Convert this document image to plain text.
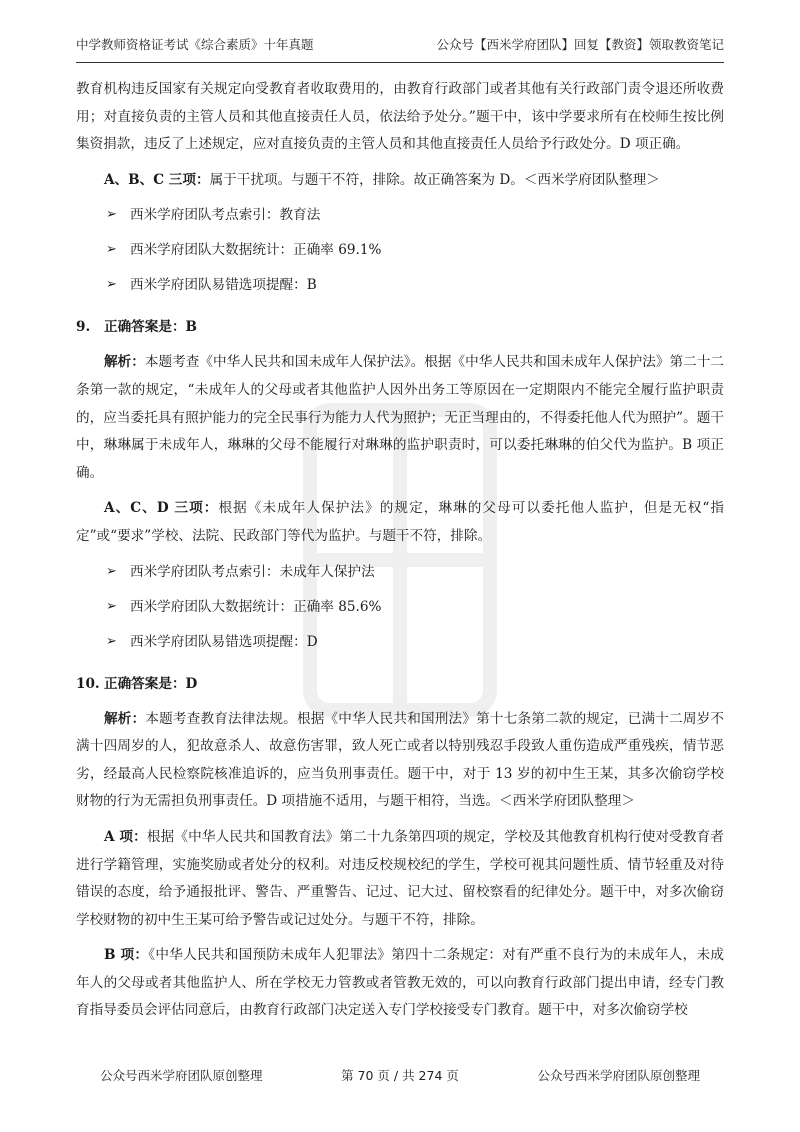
中学教师资格证考试《综合素质》十年真题	公众号【西米学府团队】回复【教资】领取教资笔记

教育机构违反国家有关规定向受教育者收取费用的，由教育行政部门或者其他有关行政部门责令退还所收费用；对直接负责的主管人员和其他直接责任人员，依法给予处分。”题干中，该中学要求所有在校师生按比例集资捐款，违反了上述规定，应对直接负责的主管人员和其他直接责任人员给予行政处分。D 项正确。

A、B、C 三项：属于干扰项。与题干不符，排除。故正确答案为 D。＜西米学府团队整理＞

➢ 西米学府团队考点索引：教育法
➢ 西米学府团队大数据统计：正确率 69.1%
➢ 西米学府团队易错选项提醒：B
9. 正确答案是：B

解析：本题考查《中华人民共和国未成年人保护法》。根据《中华人民共和国未成年人保护法》第二十二条第一款的规定，“未成年人的父母或者其他监护人因外出务工等原因在一定期限内不能完全履行监护职责的，应当委托具有照护能力的完全民事行为能力人代为照护；无正当理由的，不得委托他人代为照护”。题干中，琳琳属于未成年人，琳琳的父母不能履行对琳琳的监护职责时，可以委托琳琳的伯父代为监护。B 项正确。

A、C、D 三项：根据《未成年人保护法》的规定，琳琳的父母可以委托他人监护，但是无权“指定”或“要求”学校、法院、民政部门等代为监护。与题干不符，排除。

➢ 西米学府团队考点索引：未成年人保护法
➢ 西米学府团队大数据统计：正确率 85.6%
➢ 西米学府团队易错选项提醒：D
10. 正确答案是：D

解析：本题考查教育法律法规。根据《中华人民共和国刑法》第十七条第二款的规定，已满十二周岁不满十四周岁的人，犯故意杀人、故意伤害罪，致人死亡或者以特别残忍手段致人重伤造成严重残疾，情节恶劣，经最高人民检察院核准追诉的，应当负刑事责任。题干中，对于 13 岁的初中生王某，其多次偷窃学校财物的行为无需担负刑事责任。D 项措施不适用，与题干相符，当选。＜西米学府团队整理＞

A 项：根据《中华人民共和国教育法》第二十九条第四项的规定，学校及其他教育机构行使对受教育者进行学籍管理，实施奖励或者处分的权利。对违反校规校纪的学生，学校可视其问题性质、情节轻重及对待错误的态度，给予通报批评、警告、严重警告、记过、记大过、留校察看的纪律处分。题干中，对多次偷窃学校财物的初中生王某可给予警告或记过处分。与题干不符，排除。

B 项：《中华人民共和国预防未成年人犯罪法》第四十二条规定：对有严重不良行为的未成年人，未成年人的父母或者其他监护人、所在学校无力管教或者管教无效的，可以向教育行政部门提出申请，经专门教育指导委员会评估同意后，由教育行政部门决定送入专门学校接受专门教育。题干中，对多次偷窃学校

公众号西米学府团队原创整理	第 70 页 / 共 274 页	公众号西米学府团队原创整理
